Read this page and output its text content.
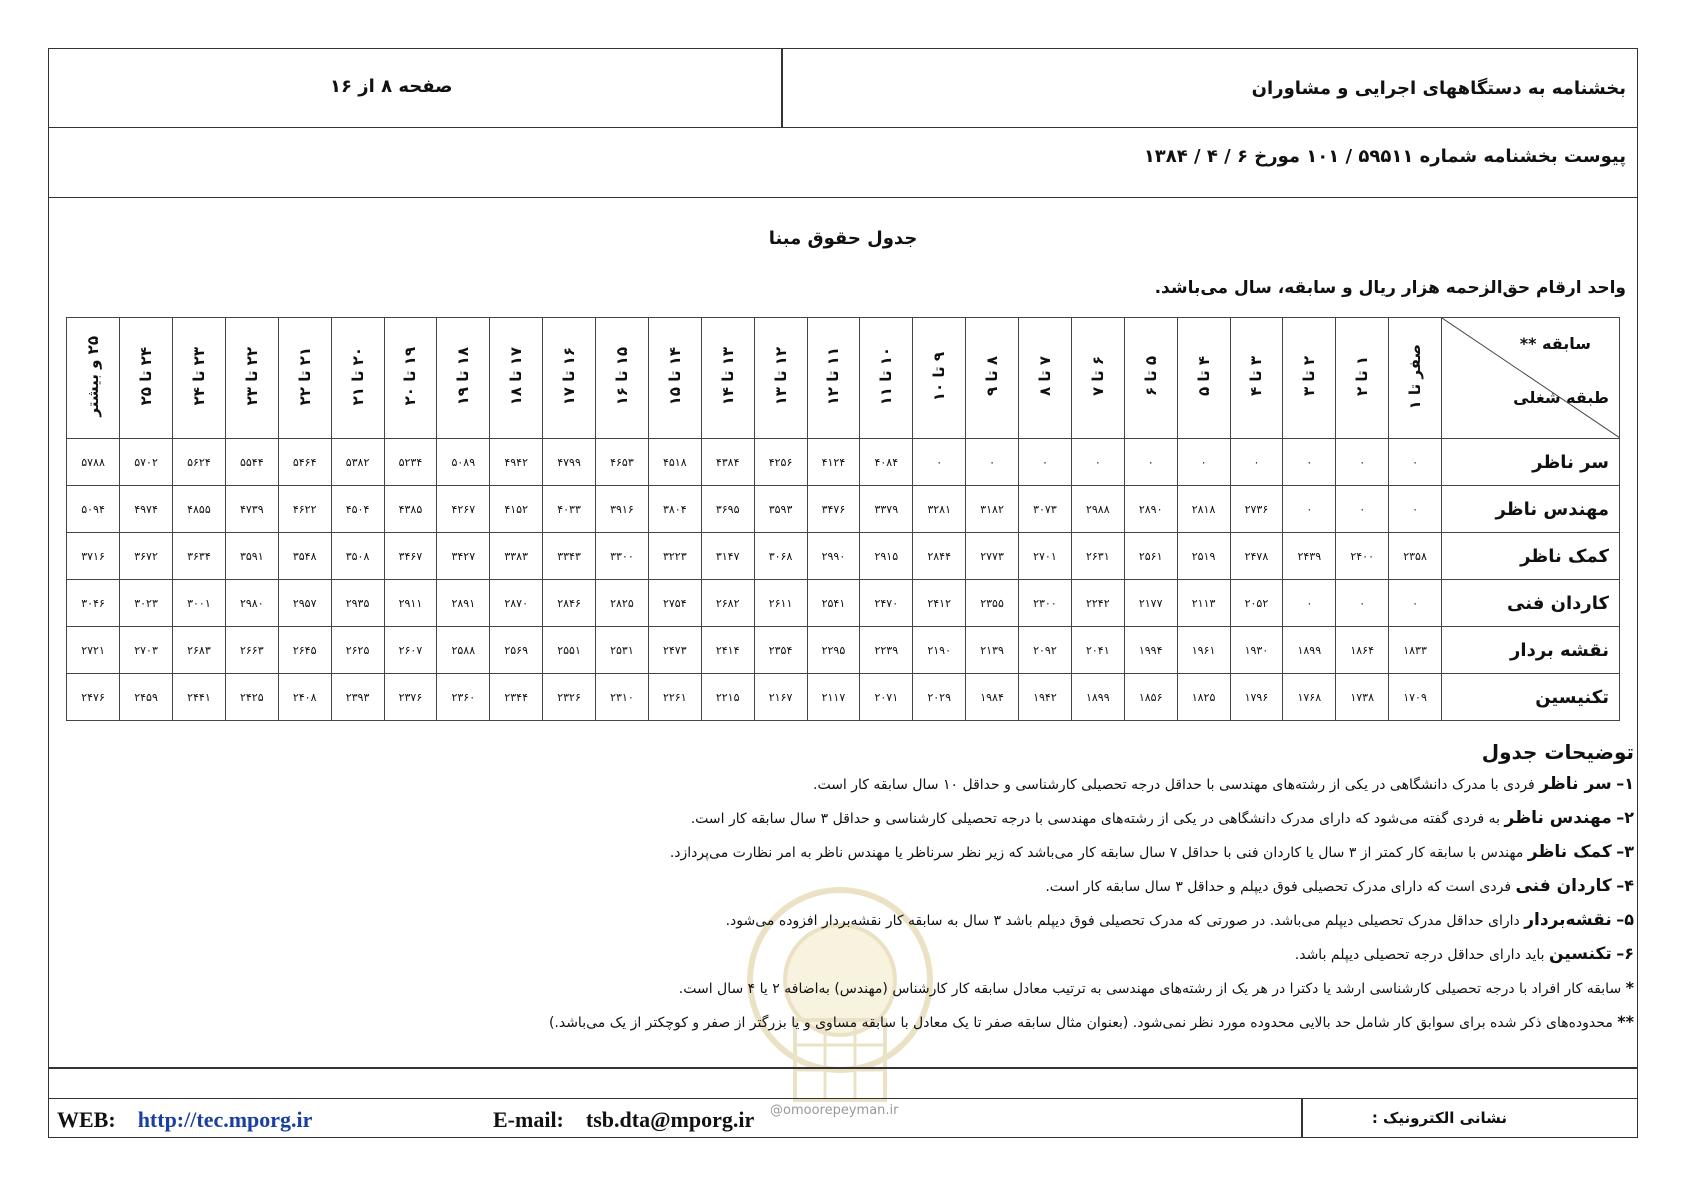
بخشنامه به دستگاههای اجرایی و مشاوران
صفحه ۸ از ۱۶
پیوست بخشنامه شماره ۵۹۵۱۱ / ۱۰۱ مورخ ۶ / ۴ / ۱۳۸۴
جدول حقوق مبنا
واحد ارقام حق‌الزحمه هزار ریال و سابقه، سال می‌باشد.
سابقه **
طبقه شغلی	صفر تا ۱	۱ تا ۲	۲ تا ۳	۳ تا ۴	۴ تا ۵	۵ تا ۶	۶ تا ۷	۷ تا ۸	۸ تا ۹	۹ تا ۱۰	۱۰ تا ۱۱	۱۱ تا ۱۲	۱۲ تا ۱۳	۱۳ تا ۱۴	۱۴ تا ۱۵	۱۵ تا ۱۶	۱۶ تا ۱۷	۱۷ تا ۱۸	۱۸ تا ۱۹	۱۹ تا ۲۰	۲۰ تا ۲۱	۲۱ تا ۲۲	۲۲ تا ۲۳	۲۳ تا ۲۴	۲۴ تا ۲۵	۲۵ و بیشتر
سر ناظر	۰	۰	۰	۰	۰	۰	۰	۰	۰	۰	۴۰۸۴	۴۱۲۴	۴۲۵۶	۴۳۸۴	۴۵۱۸	۴۶۵۳	۴۷۹۹	۴۹۴۲	۵۰۸۹	۵۲۳۴	۵۳۸۲	۵۴۶۴	۵۵۴۴	۵۶۲۴	۵۷۰۲	۵۷۸۸
مهندس ناظر	۰	۰	۰	۲۷۳۶	۲۸۱۸	۲۸۹۰	۲۹۸۸	۳۰۷۳	۳۱۸۲	۳۲۸۱	۳۳۷۹	۳۴۷۶	۳۵۹۳	۳۶۹۵	۳۸۰۴	۳۹۱۶	۴۰۳۳	۴۱۵۲	۴۲۶۷	۴۳۸۵	۴۵۰۴	۴۶۲۲	۴۷۳۹	۴۸۵۵	۴۹۷۴	۵۰۹۴
کمک ناظر	۲۳۵۸	۲۴۰۰	۲۴۳۹	۲۴۷۸	۲۵۱۹	۲۵۶۱	۲۶۳۱	۲۷۰۱	۲۷۷۳	۲۸۴۴	۲۹۱۵	۲۹۹۰	۳۰۶۸	۳۱۴۷	۳۲۲۳	۳۳۰۰	۳۳۴۳	۳۳۸۳	۳۴۲۷	۳۴۶۷	۳۵۰۸	۳۵۴۸	۳۵۹۱	۳۶۳۴	۳۶۷۲	۳۷۱۶
کاردان فنی	۰	۰	۰	۲۰۵۲	۲۱۱۳	۲۱۷۷	۲۲۴۲	۲۳۰۰	۲۳۵۵	۲۴۱۲	۲۴۷۰	۲۵۴۱	۲۶۱۱	۲۶۸۲	۲۷۵۴	۲۸۲۵	۲۸۴۶	۲۸۷۰	۲۸۹۱	۲۹۱۱	۲۹۳۵	۲۹۵۷	۲۹۸۰	۳۰۰۱	۳۰۲۳	۳۰۴۶
نقشه بردار	۱۸۳۳	۱۸۶۴	۱۸۹۹	۱۹۳۰	۱۹۶۱	۱۹۹۴	۲۰۴۱	۲۰۹۲	۲۱۳۹	۲۱۹۰	۲۲۳۹	۲۲۹۵	۲۳۵۴	۲۴۱۴	۲۴۷۳	۲۵۳۱	۲۵۵۱	۲۵۶۹	۲۵۸۸	۲۶۰۷	۲۶۲۵	۲۶۴۵	۲۶۶۳	۲۶۸۳	۲۷۰۳	۲۷۲۱
تکنیسین	۱۷۰۹	۱۷۳۸	۱۷۶۸	۱۷۹۶	۱۸۲۵	۱۸۵۶	۱۸۹۹	۱۹۴۲	۱۹۸۴	۲۰۲۹	۲۰۷۱	۲۱۱۷	۲۱۶۷	۲۲۱۵	۲۲۶۱	۲۳۱۰	۲۳۲۶	۲۳۴۴	۲۳۶۰	۲۳۷۶	۲۳۹۳	۲۴۰۸	۲۴۲۵	۲۴۴۱	۲۴۵۹	۲۴۷۶
توضیحات جدول
۱– سر ناظر فردی با مدرک دانشگاهی در یکی از رشته‌های مهندسی با حداقل درجه تحصیلی کارشناسی و حداقل ۱۰ سال سابقه کار است.
۲– مهندس ناظر به فردی گفته می‌شود که دارای مدرک دانشگاهی در یکی از رشته‌های مهندسی با درجه تحصیلی کارشناسی و حداقل ۳ سال سابقه کار است.
۳– کمک ناظر مهندس با سابقه کار کمتر از ۳ سال یا کاردان فنی با حداقل ۷ سال سابقه کار می‌باشد که زیر نظر سرناظر یا مهندس ناظر به امر نظارت می‌پردازد.
۴– کاردان فنی فردی است که دارای مدرک تحصیلی فوق دیپلم و حداقل ۳ سال سابقه کار است.
۵– نقشه‌بردار دارای حداقل مدرک تحصیلی دیپلم می‌باشد. در صورتی که مدرک تحصیلی فوق دیپلم باشد ۳ سال به سابقه کار نقشه‌بردار افزوده می‌شود.
۶– تکنسین باید دارای حداقل درجه تحصیلی دیپلم باشد.
* سابقه کار افراد با درجه تحصیلی کارشناسی ارشد یا دکترا در هر یک از رشته‌های مهندسی به ترتیب معادل سابقه کار کارشناس (مهندس) به‌اضافه ۲ یا ۴ سال است.
** محدوده‌های ذکر شده برای سوابق کار شامل حد بالایی محدوده مورد نظر نمی‌شود. (بعنوان مثال سابقه صفر تا یک معادل با سابقه مساوی و یا بزرگتر از صفر و کوچکتر از یک می‌باشد.)
@omoorepeyman.ir
WEB: http://tec.mporg.ir	E-mail: tsb.dta@mporg.ir	نشانی الکترونیک :
